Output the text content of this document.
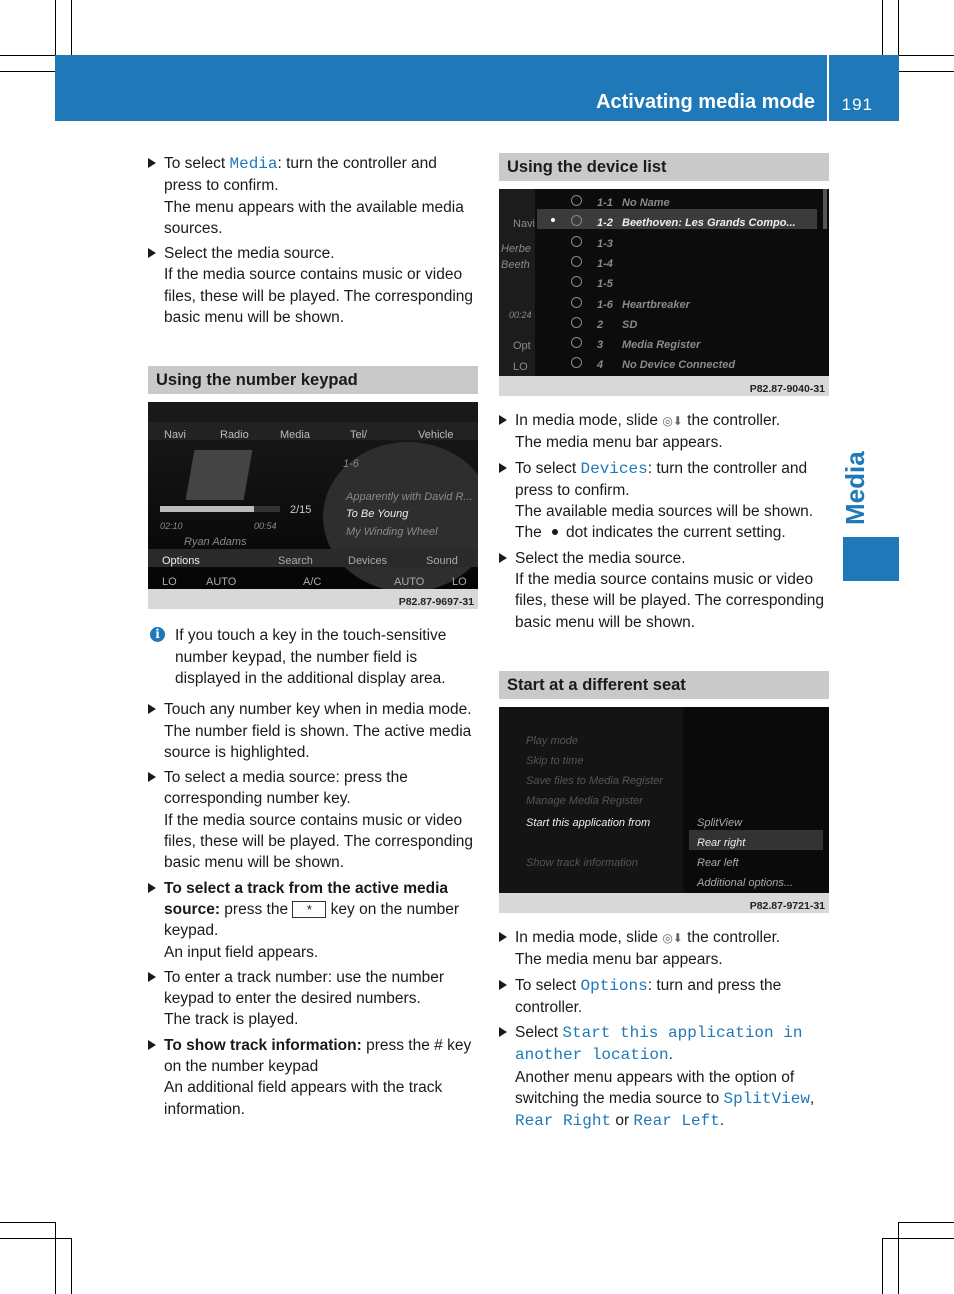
Activating media mode 191
Media

To select Media: turn the controller and press to confirm.

The menu appears with the available media sources.

Select the media source.

If the media source contains music or video files, these will be played. The corresponding basic menu will be shown.

Using the number keypad
Navi	Radio	Media	Tel/	Vehicle
1-6
2/15
Apparently with David R...
To Be Young
My Winding Wheel
02:10	00:54
Ryan Adams
Options	Search	Devices	Sound
LO	AUTO	A/C	AUTO	LO
P82.87-9697-31
i If you touch a key in the touch-sensitive number keypad, the number field is displayed in the additional display area.

Touch any number key when in media mode.

The number field is shown. The active media source is highlighted.

To select a media source: press the corresponding number key.

If the media source contains music or video files, these will be played. The corresponding basic menu will be shown.

To select a track from the active media source: press the * key on the number keypad.

An input field appears.

To enter a track number: use the number keypad to enter the desired numbers.

The track is played.

To show track information: press the # key on the number keypad

An additional field appears with the track information.

Using the device list
Navi
Herbe
Beeth
00:24
Opt
LO
1-1 No Name
1-2 Beethoven: Les Grands Compo...
1-3
1-4
1-5
1-6 Heartbreaker
2 SD
3 Media Register
4 No Device Connected
P82.87-9040-31

In media mode, slide ◎⬇ the controller.

The media menu bar appears.

To select Devices: turn the controller and press to confirm.

The available media sources will be shown.

The dot indicates the current setting.

Select the media source.

If the media source contains music or video files, these will be played. The corresponding basic menu will be shown.

Start at a different seat
Play mode
Skip to time
Save files to Media Register
Manage Media Register
Start this application from
Show track information
SplitView
Rear right
Rear left
Additional options...
P82.87-9721-31

In media mode, slide ◎⬇ the controller.

The media menu bar appears.

To select Options: turn and press the controller.

Select Start this application in another location.

Another menu appears with the option of switching the media source to SplitView, Rear Right or Rear Left.
